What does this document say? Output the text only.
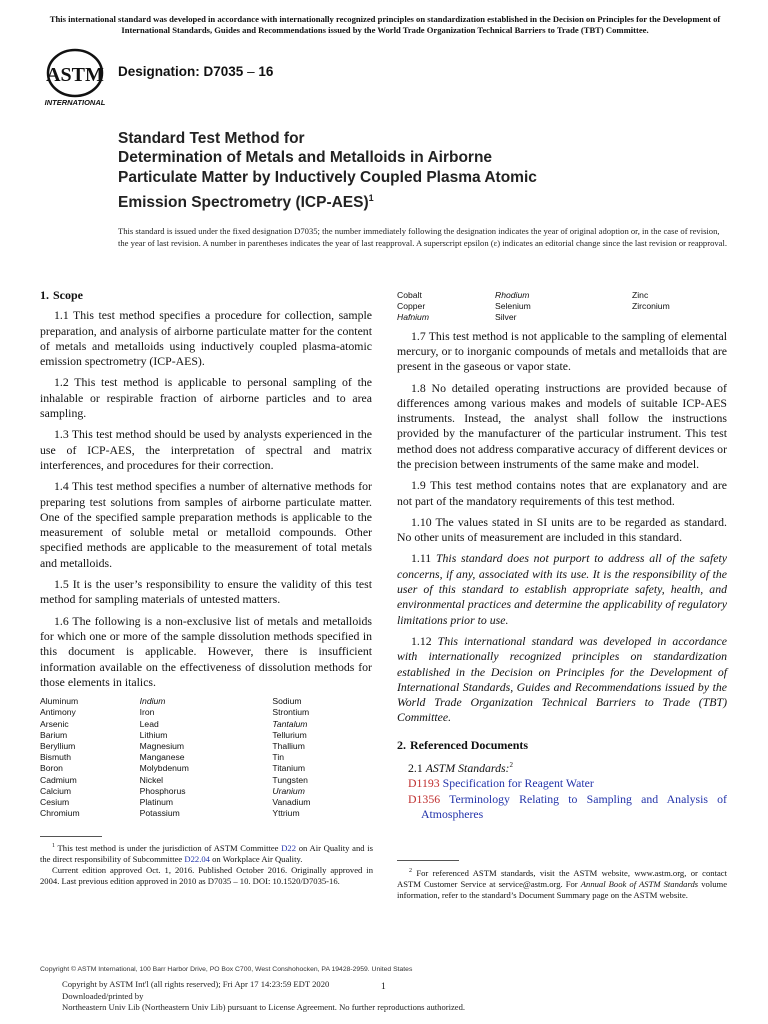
This international standard was developed in accordance with internationally recognized principles on standardization established in the Decision on Principles for the Development of International Standards, Guides and Recommendations issued by the World Trade Organization Technical Barriers to Trade (TBT) Committee.
ASTM
INTERNATIONAL
Designation: D7035 – 16
Standard Test Method for
Determination of Metals and Metalloids in Airborne
Particulate Matter by Inductively Coupled Plasma Atomic
Emission Spectrometry $(ICP-AES)^1$
This standard is issued under the fixed designation D7035; the number immediately following the designation indicates the year of original adoption or, in the case of revision, the year of last revision. A number in parentheses indicates the year of last reapproval. A superscript epsilon (ε) indicates an editorial change since the last revision or reapproval.
1. Scope

1.1 This test method specifies a procedure for collection, sample preparation, and analysis of airborne particulate matter for the content of metals and metalloids using inductively coupled plasma-atomic emission spectrometry (ICP-AES).

1.2 This test method is applicable to personal sampling of the inhalable or respirable fraction of airborne particles and to area sampling.

1.3 This test method should be used by analysts experienced in the use of ICP-AES, the interpretation of spectral and matrix interferences, and procedures for their correction.

1.4 This test method specifies a number of alternative methods for preparing test solutions from samples of airborne particulate matter. One of the specified sample preparation methods is applicable to the measurement of soluble metal or metalloid compounds. Other specified methods are applicable to the measurement of total metals and metalloids.

1.5 It is the user’s responsibility to ensure the validity of this test method for sampling materials of untested matters.

1.6 The following is a non-exclusive list of metals and metalloids for which one or more of the sample dissolution methods specified in this document is applicable. However, there is insufficient information available on the effectiveness of dissolution methods for those elements in italics.

Aluminum	Indium	Sodium
Antimony	Iron	Strontium
Arsenic	Lead	Tantalum
Barium	Lithium	Tellurium
Beryllium	Magnesium	Thallium
Bismuth	Manganese	Tin
Boron	Molybdenum	Titanium
Cadmium	Nickel	Tungsten
Calcium	Phosphorus	Uranium
Cesium	Platinum	Vanadium
Chromium	Potassium	Yttrium
Cobalt	Rhodium	Zinc
Copper	Selenium	Zirconium
Hafnium	Silver	

1.7 This test method is not applicable to the sampling of elemental mercury, or to inorganic compounds of metals and metalloids that are present in the gaseous or vapor state.

1.8 No detailed operating instructions are provided because of differences among various makes and models of suitable ICP-AES instruments. Instead, the analyst shall follow the instructions provided by the manufacturer of the particular instrument. This test method does not address comparative accuracy of different devices or the precision between instruments of the same make and model.

1.9 This test method contains notes that are explanatory and are not part of the mandatory requirements of this test method.

1.10 The values stated in SI units are to be regarded as standard. No other units of measurement are included in this standard.

1.11 This standard does not purport to address all of the safety concerns, if any, associated with its use. It is the responsibility of the user of this standard to establish appropriate safety, health, and environmental practices and determine the applicability of regulatory limitations prior to use.

1.12 This international standard was developed in accordance with internationally recognized principles on standardization established in the Decision on Principles for the Development of International Standards, Guides and Recommendations issued by the World Trade Organization Technical Barriers to Trade (TBT) Committee.

2. Referenced Documents
2.1 ASTM Standards:$^2$
D1193 Specification for Reagent Water
D1356 Terminology Relating to Sampling and Analysis of Atmospheres

$^1$ This test method is under the jurisdiction of ASTM Committee D22 on Air Quality and is the direct responsibility of Subcommittee D22.04 on Workplace Air Quality.

Current edition approved Oct. 1, 2016. Published October 2016. Originally approved in 2004. Last previous edition approved in 2010 as D7035 – 10. DOI: 10.1520/D7035-16.

$^2$ For referenced ASTM standards, visit the ASTM website, www.astm.org, or contact ASTM Customer Service at service@astm.org. For Annual Book of ASTM Standards volume information, refer to the standard’s Document Summary page on the ASTM website.

Copyright © ASTM International, 100 Barr Harbor Drive, PO Box C700, West Conshohocken, PA 19428-2959. United States
Copyright by ASTM Int'l (all rights reserved); Fri Apr 17 14:23:59 EDT 2020
Downloaded/printed by
Northeastern Univ Lib (Northeastern Univ Lib) pursuant to License Agreement. No further reproductions authorized.
1
